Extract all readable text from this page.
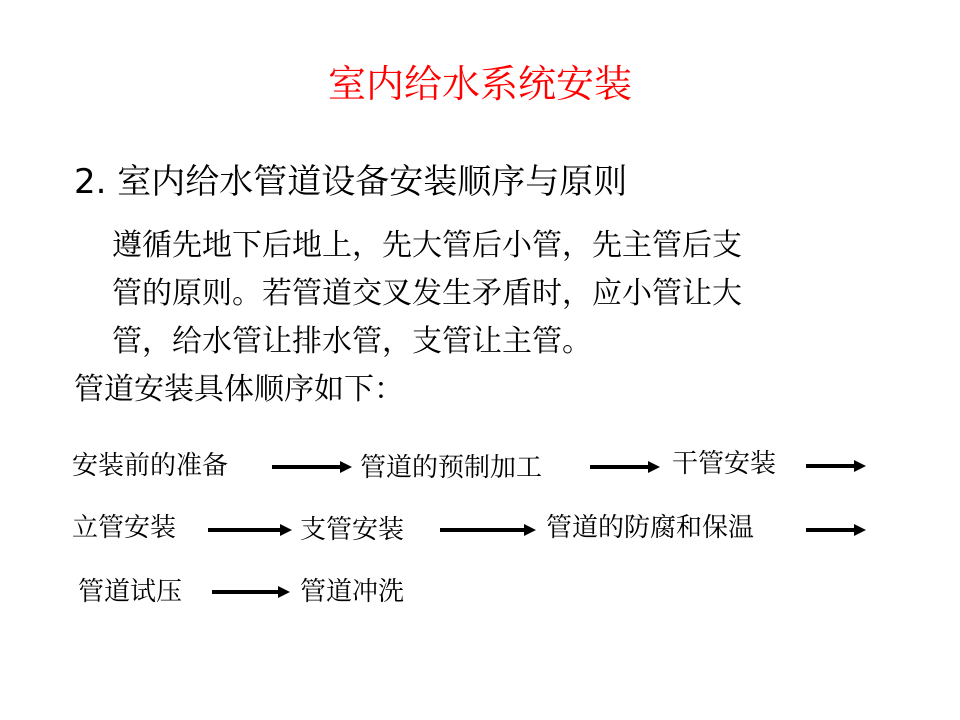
室内给水系统安装
2. 室内给水管道设备安装顺序与原则
遵循先地下后地上，先大管后小管，先主管后支
管的原则。若管道交叉发生矛盾时，应小管让大
管，给水管让排水管，支管让主管。
管道安装具体顺序如下：
安装前的准备	管道的预制加工	干管安装
立管安装	支管安装	管道的防腐和保温
管道试压	管道冲洗
